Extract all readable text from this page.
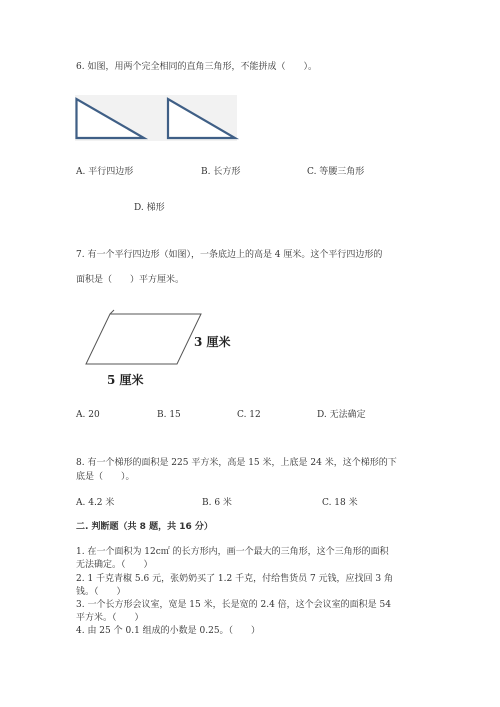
6. 如图，用两个完全相同的直角三角形，不能拼成（　　）。
A. 平行四边形	B. 长方形	C. 等腰三角形
D. 梯形
7. 有一个平行四边形（如图），一条底边上的高是 4 厘米。这个平行四边形的
面积是（　　）平方厘米。
3 厘米
5 厘米
A. 20	B. 15	C. 12	D. 无法确定
8. 有一个梯形的面积是 225 平方米，高是 15 米，上底是 24 米，这个梯形的下
底是（　　）。
A. 4.2 米	B. 6 米	C. 18 米
二. 判断题（共 8 题，共 16 分）
1. 在一个面积为 12c㎡ 的长方形内，画一个最大的三角形，这个三角形的面积
无法确定。（　　）
2. 1 千克青椒 5.6 元，张奶奶买了 1.2 千克，付给售货员 7 元钱，应找回 3 角
钱。（　　）
3. 一个长方形会议室，宽是 15 米，长是宽的 2.4 倍，这个会议室的面积是 54
平方米。（　　）
4. 由 25 个 0.1 组成的小数是 0.25。（　　）
